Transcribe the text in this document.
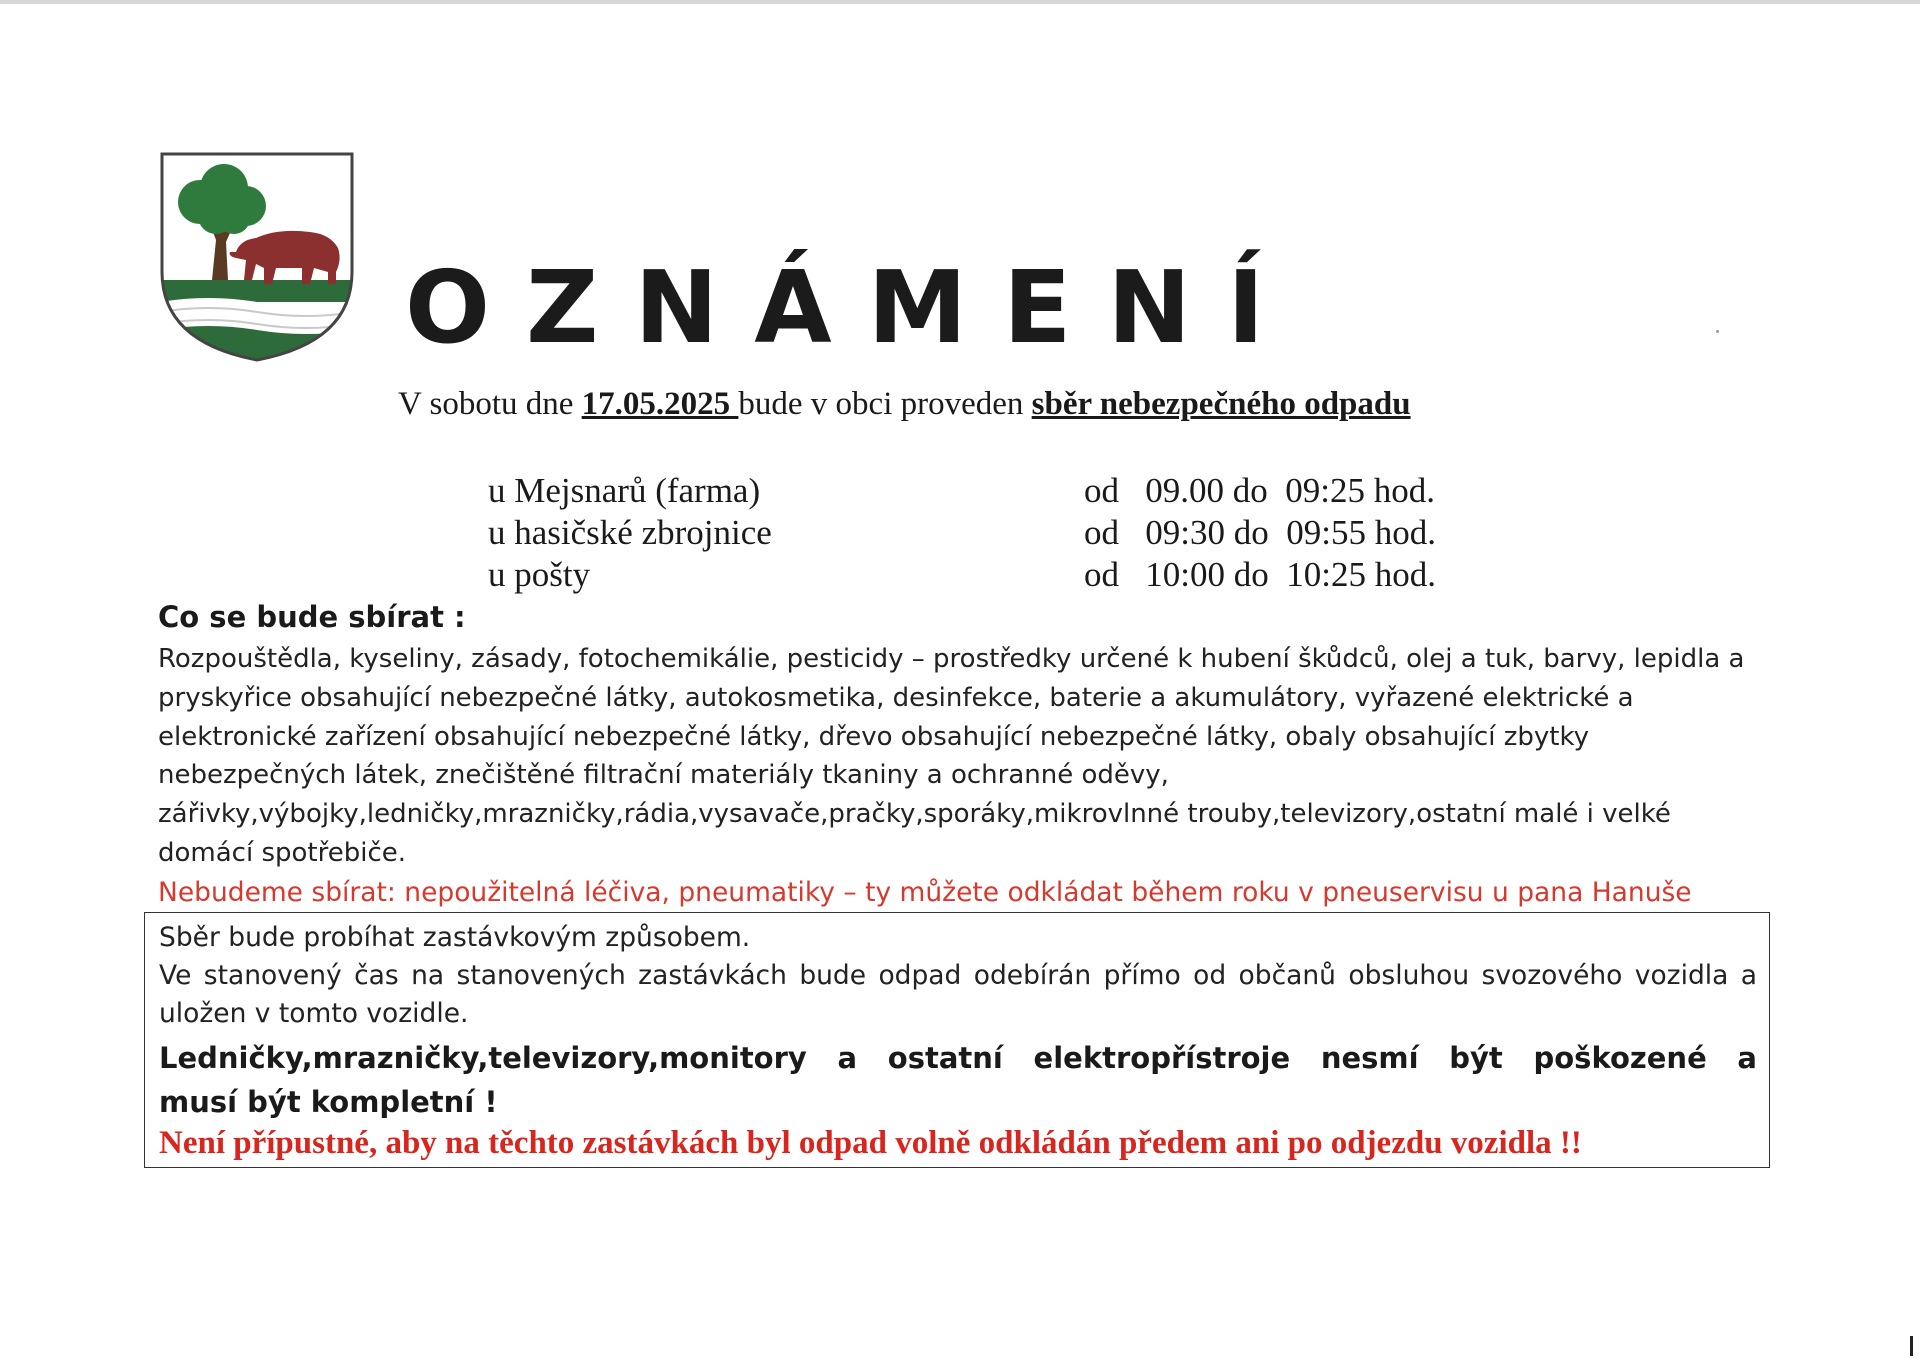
OZNÁMENÍ
V sobotu dne 17.05.2025 bude v obci proveden sběr nebezpečného odpadu
u Mejsnarů (farma)	od   09.00 do  09:25 hod.
u hasičské zbrojnice	od   09:30 do  09:55 hod.
u pošty	od   10:00 do  10:25 hod.
Co se bude sbírat :
Rozpouštědla, kyseliny, zásady, fotochemikálie, pesticidy – prostředky určené k hubení škůdců, olej a tuk, barvy, lepidla a pryskyřice obsahující nebezpečné látky, autokosmetika, desinfekce, baterie a akumulátory, vyřazené elektrické a elektronické zařízení obsahující nebezpečné látky, dřevo obsahující nebezpečné látky, obaly obsahující zbytky nebezpečných látek, znečištěné filtrační materiály tkaniny a ochranné oděvy, zářivky,výbojky,ledničky,mrazničky,rádia,vysavače,pračky,sporáky,mikrovlnné trouby,televizory,ostatní malé i velké domácí spotřebiče.
Nebudeme sbírat: nepoužitelná léčiva, pneumatiky – ty můžete odkládat během roku v pneuservisu u pana Hanuše
Sběr bude probíhat zastávkovým způsobem.
Ve stanovený čas na stanovených zastávkách bude odpad odebírán přímo od občanů obsluhou svozového vozidla a
uložen v tomto vozidle.
Ledničky,mrazničky,televizory,monitory a ostatní elektropřístroje nesmí být poškozené a
musí být kompletní !
Není přípustné, aby na těchto zastávkách byl odpad volně odkládán předem ani po odjezdu vozidla !!
